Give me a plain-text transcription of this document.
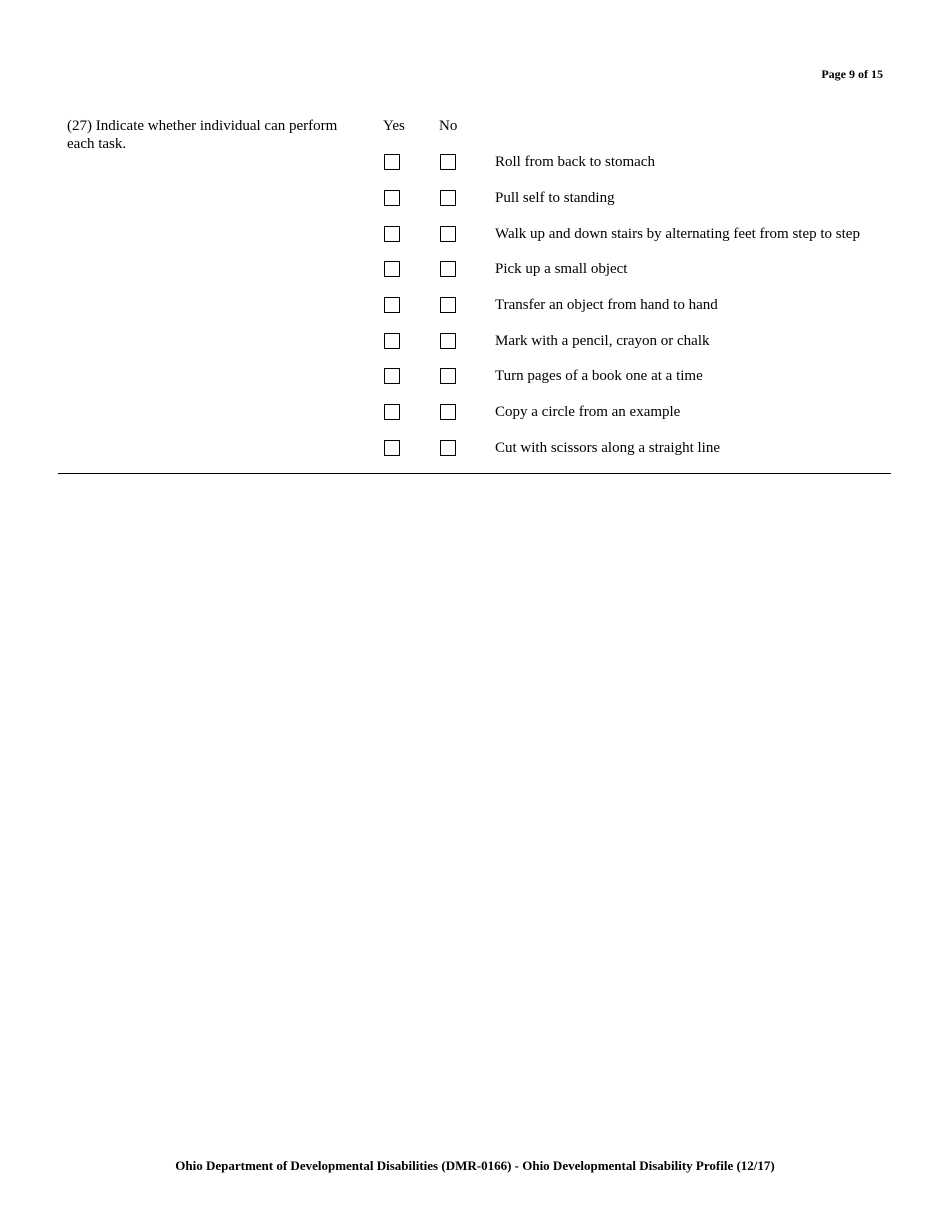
Page 9 of 15
(27) Indicate whether individual can perform each task.
Yes No
Roll from back to stomach
Pull self to standing
Walk up and down stairs by alternating feet from step to step
Pick up a small object
Transfer an object from hand to hand
Mark with a pencil, crayon or chalk
Turn pages of a book one at a time
Copy a circle from an example
Cut with scissors along a straight line
Ohio Department of Developmental Disabilities (DMR-0166) - Ohio Developmental Disability Profile (12/17)
